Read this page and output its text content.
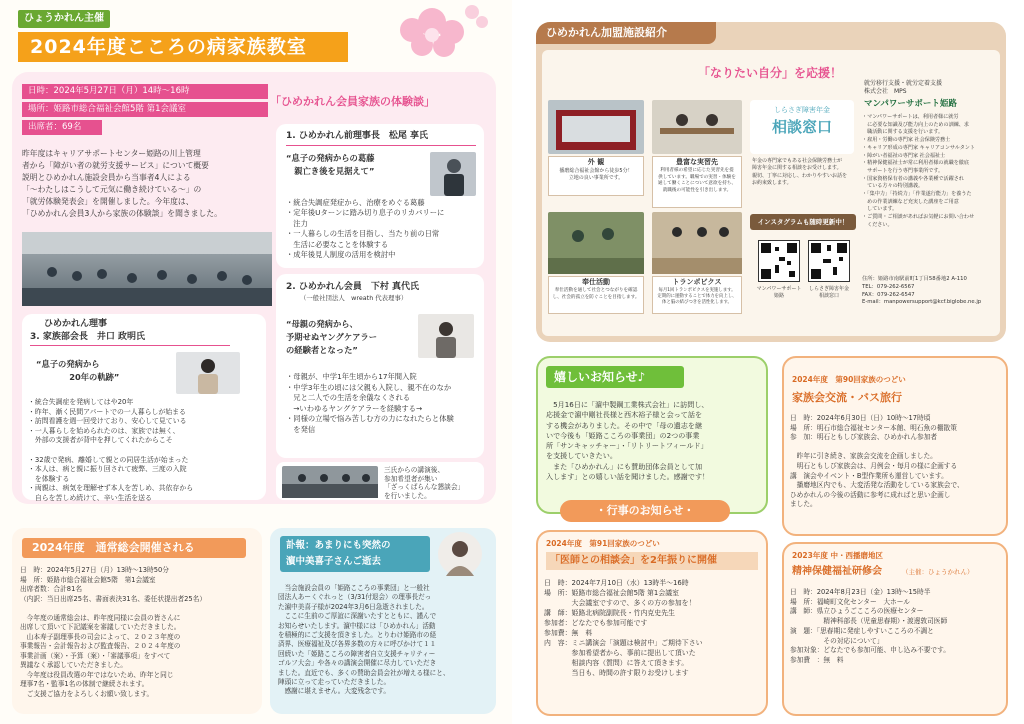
ひょうかれん主催
2024年度こころの病家族教室
日時：2024年5月27日（月）14時～16時
場所：姫路市総合福祉会館5階 第1会議室
出席者：69名
昨年度はキャリアサポートセンター姫路の川上管理
者から「障がい者の就労支援サービス」について概要
説明とひめかれん施設会員から当事者4人による
「～わたしはこうして元気に働き続けている～」の
「就労体験発表会」を開催しました。今年度は、
「ひめかれん会員3人から家族の体験談」を聞きました。
「ひめかれん会員家族の体験談」
1. ひめかれん前理事長　松尾 享氏
“息子の発病からの葛藤
　親亡き後を見据えて”
・統合失調症発症から、治療をめぐる葛藤
・定年後Uターンに踏み切り息子のリカバリーに
　注力
・一人暮らしの生活を目指し、当たり前の日常
　生活に必要なことを体験する
・成年後見人制度の活用を検討中
2. ひめかれん会員　下村 真代氏
（一般社団法人　wreath 代表理事）
“母親の発病から、
予期せぬヤングケアラー
の経験者となった”
・母親が、中学1年生頃から17年間入院
・中学3年生の頃には父親も入院し、親不在のなか
　兄と二人での生活を余儀なくされる
　→いわゆるヤングケアラーを経験する→
・同様の立場で悩み苦しむ方の力になれたらと体験
　を発信
ひめかれん理事
3. 家族部会長　井口 政明氏
“息子の発病から
　　　　20年の軌跡”
・統合失調症を発病してはや20年
・昨年、漸く民間アパートでの一人暮らしが始まる
・訪問看護を週一回受けており、安心して見ている
・一人暮らしを始められたのは、家族では無く、
　外部の支援者が背中を押してくれたからこそ

・32歳で発病、離婚して親との同居生活が始まった
・本人は、病と親に振り回されて疲弊、三度の入院
　を体験する
・両親は、病気を理解せず本人を苦しめ、共依存から
　自らを苦しめ続けて、辛い生活を送る
三氏からの講演後、
参加希望者が集い
「ざっくばらんな懇談会」
を行いました。
2024年度　通常総会開催される
日　時：2024年5月27日（月）13時～13時50分
場　所：姫路市総合福祉会館5階　第1会議室
出席者数：合計81名
（内訳：当日出席25名、書面表決31名、委任状提出者25名）

　今年度の通常総会は、昨年度同様に会員の皆さんに
出席して頂いて下記議案を審議していただきました。
　山本寿子副理事長の司会によって、２０２３年度の
事業報告・会計報告および監査報告、２０２４年度の
事業計画（案）・予算（案）・「審議事項」をすべて
異議なく承認していただきました。
　今年度は役員改選の年ではないため、昨年と同じ
理事7名・監事1名の体制で継続されます。
　ご支援ご協力をよろしくお願い致します。
訃報：あまりにも突然の
濵中美喜子さんご逝去
　当会施設会員の「姫路こころの事業団」と一般社
団法人あーくぐれっと（3/31付退会）の理事長だっ
た濵中美喜子様が2024年3月6日急逝されました。
　ここに生前のご厚誼に深謝いたすとともに、謹んで
お知らせいたします。濵中様には「ひめかれん」活動
を積極的にご支援を頂きました。とりわけ姫路市の経
済界、医療福祉及び各界多数の方々に呼びかけて１１
回続いた「姫路こころの障害者自立支援チャリティー
ゴルフ大会」や各々の講演会開催に尽力していただき
ました。直近でも、多くの賛助会員会社が増える様にと、
陣頭に立って走っていただきました。
　感謝に堪えません。大変残念です。
ひめかれん加盟施設紹介
「なりたい自分」を応援！
外 観
播磨総合福祉会館から徒歩5分！
立地の良い事業所です。
豊富な実習先
利用者様の希望に応じた実習先を提
供しています。職場での実習・体験を
通して働くことについて意欲を持ち、
就職後の可能性を引き出します。
奉仕活動
奉仕活動を通して社会とつながりを確認
し、社会的孤立を防ぐことを目指します。
トランポビクス
毎月1回トランポビクスを実施します。
定期的に運動することで体力を向上し、
体と脳の結びつきを活性化します。
しらさぎ障害年金
相談窓口
年金の専門家でもある社会保険労務士が
障害年金に関する相談をお受けします。
親切、丁寧に対応し、わかりやすいお話を
お約束致します。
インスタグラムも随時更新中！
マンパワーサポート
姫路
しらさぎ障害年金
相談窓口
就労移行支援・就労定着支援
株式会社　MPS
マンパワーサポート姫路
・マンパワーサポートは、利用者様に就労
　に必要な知識及び能力向上のための訓練、求
　職活動に関する支援を行います。
・雇用・労働の専門家 社会保険労務士
・キャリア形成の専門家 キャリアコンサルタント
・障がい者福祉の専門家 社会福祉士
・精神保健福祉士が常に利用者様の就職を徹底
　サポートを行う専門事業所です。
・国家資格保有者の講義や各業種で活躍され
　ている方々の特別講義。
・「集中力」「持続力」「作業遂行能力」を養うた
　めの作業訓練など充実した講座をご用意
　しています。
・ご質問・ご相談があればお気軽にお問い合わせ
　ください。
住所：姫路市南駅前町1丁目58番地2 A-110
TEL：079-262-6567
FAX：079-262-6547
E-mail：manpowersupport@kcf.biglobe.ne.jp
嬉しいお知らせ♪
　5月16日に「濵中製鋼工業株式会社」に訪問し、
応援金で濵中剛社長様と西木裕子様と会って話を
する機会がありました。その中で「母の遺志を継
いで今後も「姫路こころの事業団」の2つの事業
所「サンキャッチャー」・「リトリートフィールド」
を支援していきたい。
　また「ひめかれん」にも賛助団体会員として加
入します」との嬉しい話を聞けました。感謝です！
・行事のお知らせ・
2024年度　第91回家族のつどい
「医師との相談会」を2年振りに開催
日　時：2024年7月10日（水）13時半～16時
場　所：姫路市総合福祉会館5階 第1会議室
　　　　大会議室ですので、多くの方の参加を！
講　師：姫路北病院副院長・竹内克史先生
参加者：どなたでも参加可能です
参加費：無　料
内　容：ミニ講演会「演題は検討中」ご期待下さい
　　　　参加希望者から、事前に提出して頂いた
　　　　相談内容（質問）に答えて頂きます。
　　　　当日も、時間の許す限りお受けします
2024年度　第90回家族のつどい
家族会交流・バス旅行
日　時：2024年6月30日（日）10時～17時頃
場　所：明石市総合福祉センター本館、明石魚の棚散策
参　加：明石ともしび家族会、ひめかれん参加者

　昨年に引き続き、家族会交流を企画しました。
　明石ともしび家族会は、月例会・毎月の様に企画する
講　演会やイベント・B型作業所も運営しています。
　播磨地区内でも、大変活発な活動をしている家族会で、
ひめかれんの今後の活動に参考に成ればと思い企画し
ました。
2023年度 中・西播磨地区
精神保健福祉研修会	（主催：ひょうかれん）
日　時：2024年8月23日（金）13時～15時半
場　所：福崎町文化センター　大ホール
講　師：県立ひょうごこころの医療センター
　　　　　精神科部長（児童思春期）・渡邊敦司医師
演　題：「思春期に発症しやすいこころの不調と
　　　　　その対応について」
参加対象：どなたでも参加可能、申し込み不要です。
参加費　：無　料
